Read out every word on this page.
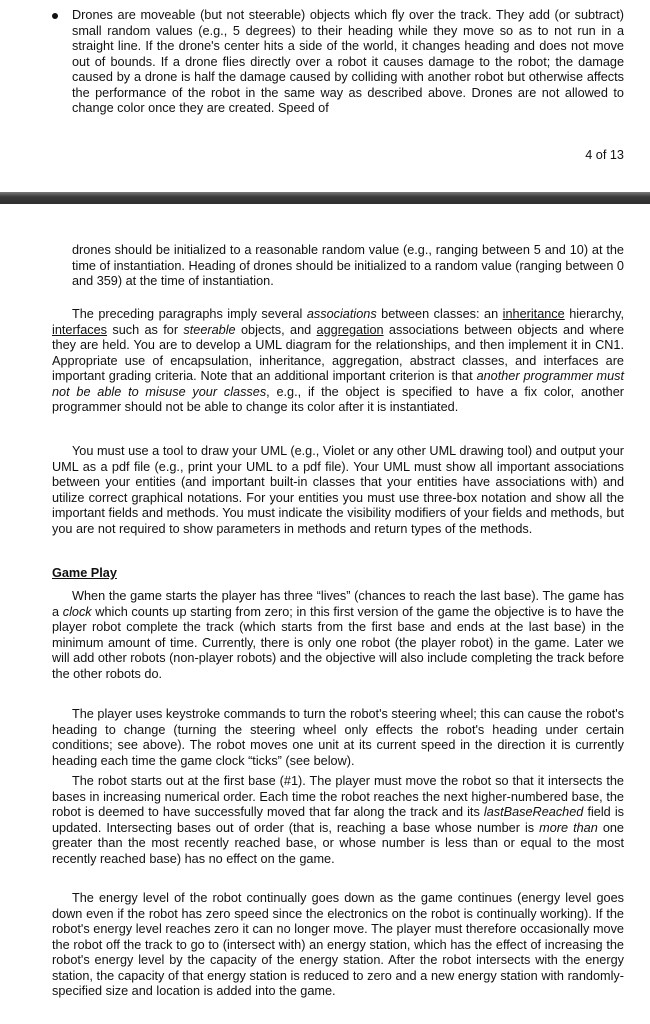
Drones are moveable (but not steerable) objects which fly over the track. They add (or subtract) small random values (e.g., 5 degrees) to their heading while they move so as to not run in a straight line. If the drone's center hits a side of the world, it changes heading and does not move out of bounds. If a drone flies directly over a robot it causes damage to the robot; the damage caused by a drone is half the damage caused by colliding with another robot but otherwise affects the performance of the robot in the same way as described above. Drones are not allowed to change color once they are created. Speed of

4 of 13

drones should be initialized to a reasonable random value (e.g., ranging between 5 and 10) at the time of instantiation. Heading of drones should be initialized to a random value (ranging between 0 and 359) at the time of instantiation.

The preceding paragraphs imply several associations between classes: an inheritance hierarchy, interfaces such as for steerable objects, and aggregation associations between objects and where they are held. You are to develop a UML diagram for the relationships, and then implement it in CN1. Appropriate use of encapsulation, inheritance, aggregation, abstract classes, and interfaces are important grading criteria. Note that an additional important criterion is that another programmer must not be able to misuse your classes, e.g., if the object is specified to have a fix color, another programmer should not be able to change its color after it is instantiated.

You must use a tool to draw your UML (e.g., Violet or any other UML drawing tool) and output your UML as a pdf file (e.g., print your UML to a pdf file). Your UML must show all important associations between your entities (and important built-in classes that your entities have associations with) and utilize correct graphical notations. For your entities you must use three-box notation and show all the important fields and methods. You must indicate the visibility modifiers of your fields and methods, but you are not required to show parameters in methods and return types of the methods.

Game Play

When the game starts the player has three “lives” (chances to reach the last base). The game has a clock which counts up starting from zero; in this first version of the game the objective is to have the player robot complete the track (which starts from the first base and ends at the last base) in the minimum amount of time. Currently, there is only one robot (the player robot) in the game. Later we will add other robots (non-player robots) and the objective will also include completing the track before the other robots do.

The player uses keystroke commands to turn the robot's steering wheel; this can cause the robot's heading to change (turning the steering wheel only effects the robot's heading under certain conditions; see above). The robot moves one unit at its current speed in the direction it is currently heading each time the game clock “ticks” (see below).

The robot starts out at the first base (#1). The player must move the robot so that it intersects the bases in increasing numerical order. Each time the robot reaches the next higher-numbered base, the robot is deemed to have successfully moved that far along the track and its lastBaseReached field is updated. Intersecting bases out of order (that is, reaching a base whose number is more than one greater than the most recently reached base, or whose number is less than or equal to the most recently reached base) has no effect on the game.

The energy level of the robot continually goes down as the game continues (energy level goes down even if the robot has zero speed since the electronics on the robot is continually working). If the robot's energy level reaches zero it can no longer move. The player must therefore occasionally move the robot off the track to go to (intersect with) an energy station, which has the effect of increasing the robot's energy level by the capacity of the energy station. After the robot intersects with the energy station, the capacity of that energy station is reduced to zero and a new energy station with randomly-specified size and location is added into the game.
